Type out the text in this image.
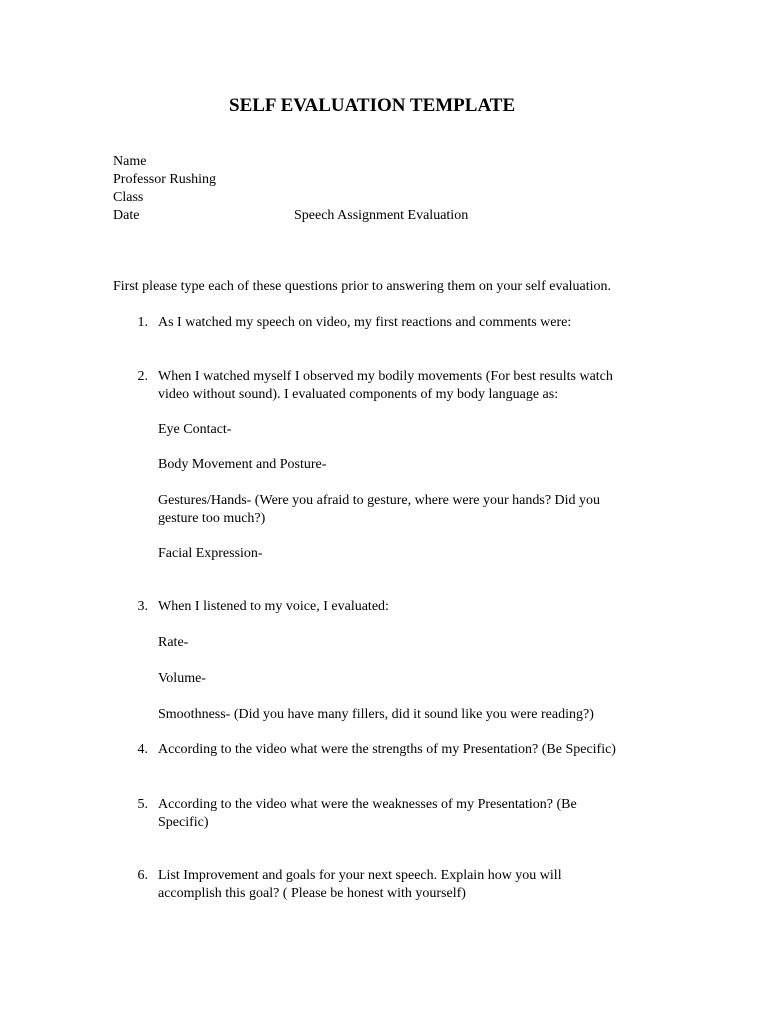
SELF EVALUATION TEMPLATE
Name
Professor Rushing
Class
Date	Speech Assignment Evaluation
First please type each of these questions prior to answering them on your self evaluation.
1. As I watched my speech on video, my first reactions and comments were:
2. When I watched myself I observed my bodily movements (For best results watch
video without sound). I evaluated components of my body language as:
Eye Contact-
Body Movement and Posture-
Gestures/Hands- (Were you afraid to gesture, where were your hands? Did you
gesture too much?)
Facial Expression-
3. When I listened to my voice, I evaluated:
Rate-
Volume-
Smoothness- (Did you have many fillers, did it sound like you were reading?)
4. According to the video what were the strengths of my Presentation? (Be Specific)
5. According to the video what were the weaknesses of my Presentation? (Be
Specific)
6. List Improvement and goals for your next speech. Explain how you will
accomplish this goal? ( Please be honest with yourself)
